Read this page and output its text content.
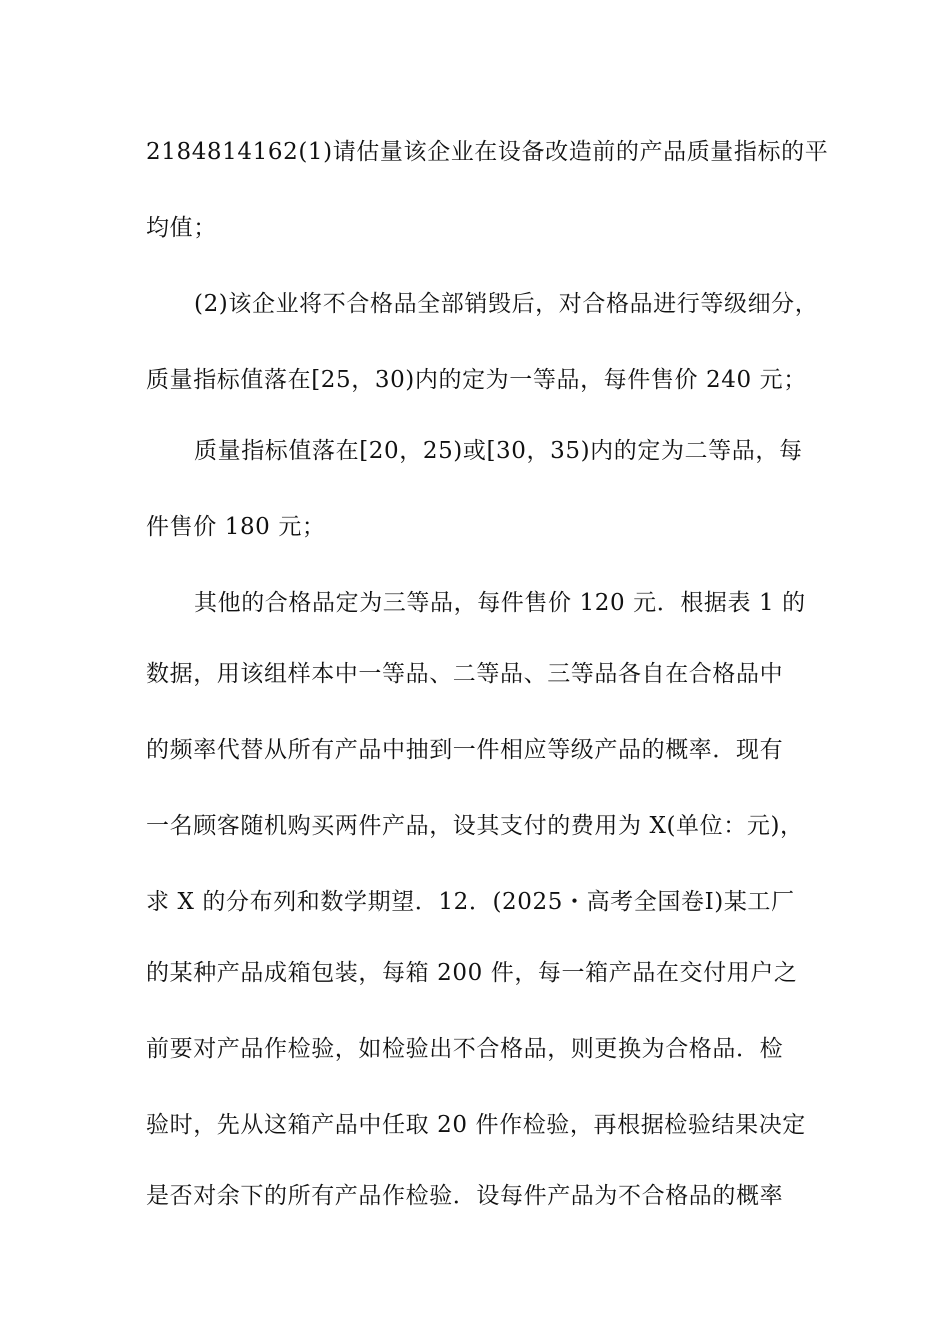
2184814162(1)请估量该企业在设备改造前的产品质量指标的平
均值；
(2)该企业将不合格品全部销毁后，对合格品进行等级细分，
质量指标值落在[25，30)内的定为一等品，每件售价 240 元；
质量指标值落在[20，25)或[30，35)内的定为二等品，每
件售价 180 元；
其他的合格品定为三等品，每件售价 120 元．根据表 1 的
数据，用该组样本中一等品、二等品、三等品各自在合格品中
的频率代替从所有产品中抽到一件相应等级产品的概率．现有
一名顾客随机购买两件产品，设其支付的费用为 X(单位：元)，
求 X 的分布列和数学期望．12．(2025・高考全国卷Ⅰ)某工厂
的某种产品成箱包装，每箱 200 件，每一箱产品在交付用户之
前要对产品作检验，如检验出不合格品，则更换为合格品．检
验时，先从这箱产品中任取 20 件作检验，再根据检验结果决定
是否对余下的所有产品作检验．设每件产品为不合格品的概率
